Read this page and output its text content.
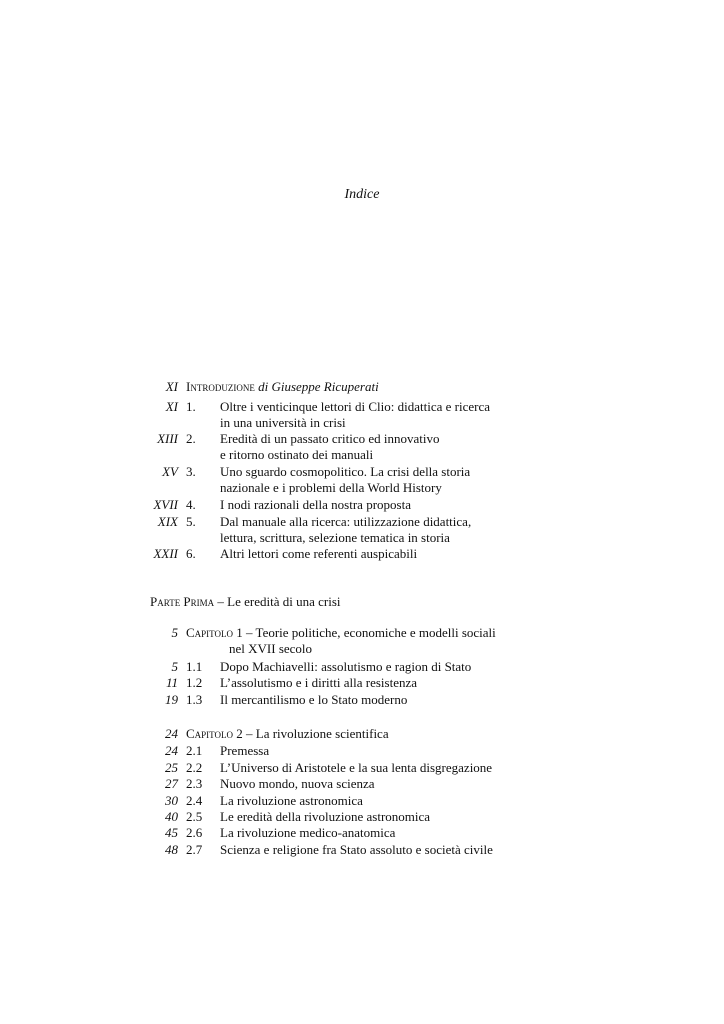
Indice
XI Introduzione di Giuseppe Ricuperati
XI 1. Oltre i venticinque lettori di Clio: didattica e ricerca
in una università in crisi
XIII 2. Eredità di un passato critico ed innovativo
e ritorno ostinato dei manuali
XV 3. Uno sguardo cosmopolitico. La crisi della storia
nazionale e i problemi della World History
XVII 4. I nodi razionali della nostra proposta
XIX 5. Dal manuale alla ricerca: utilizzazione didattica,
lettura, scrittura, selezione tematica in storia
XXII 6. Altri lettori come referenti auspicabili
Parte Prima – Le eredità di una crisi
5 Capitolo 1 – Teorie politiche, economiche e modelli sociali
nel XVII secolo
5 1.1 Dopo Machiavelli: assolutismo e ragion di Stato
11 1.2 L’assolutismo e i diritti alla resistenza
19 1.3 Il mercantilismo e lo Stato moderno
24 Capitolo 2 – La rivoluzione scientifica
24 2.1 Premessa
25 2.2 L’Universo di Aristotele e la sua lenta disgregazione
27 2.3 Nuovo mondo, nuova scienza
30 2.4 La rivoluzione astronomica
40 2.5 Le eredità della rivoluzione astronomica
45 2.6 La rivoluzione medico-anatomica
48 2.7 Scienza e religione fra Stato assoluto e società civile
